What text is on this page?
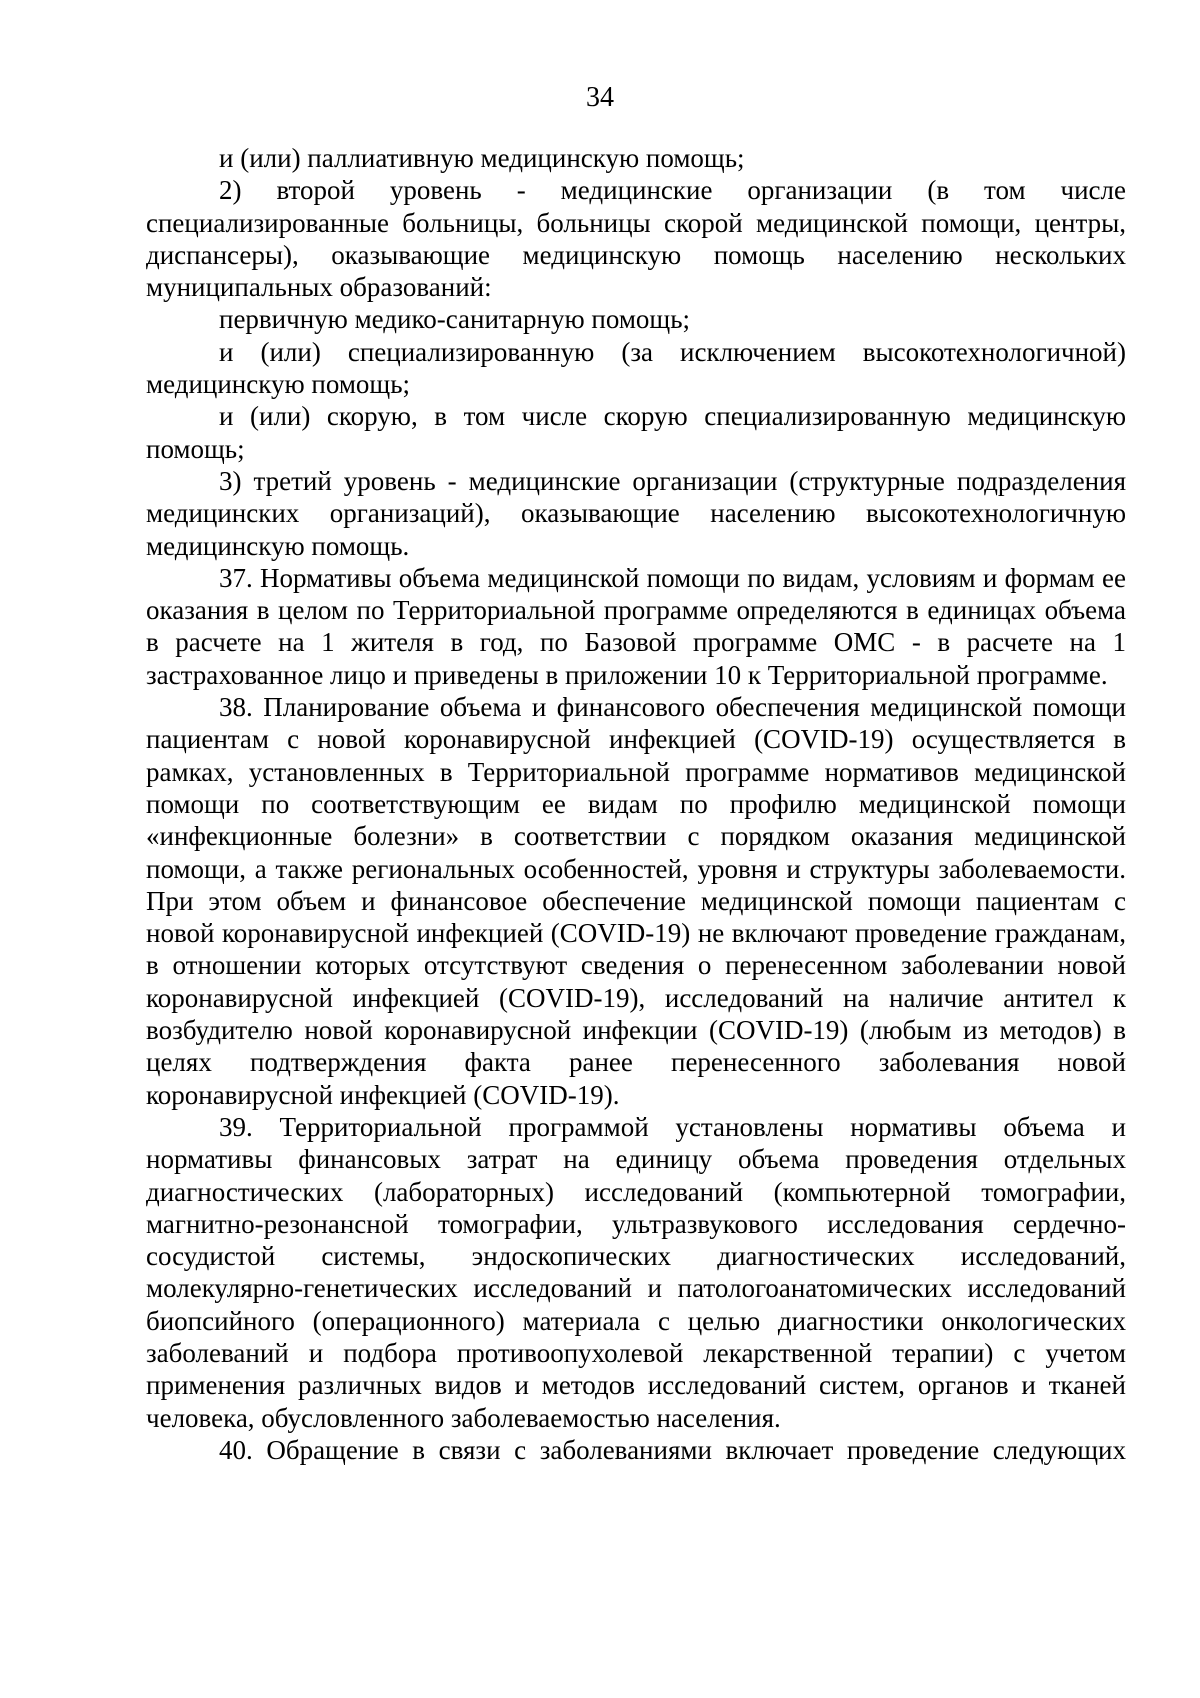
34

и (или) паллиативную медицинскую помощь;

2) второй уровень - медицинские организации (в том числе специализированные больницы, больницы скорой медицинской помощи, центры, диспансеры), оказывающие медицинскую помощь населению нескольких муниципальных образований:

первичную медико-санитарную помощь;

и (или) специализированную (за исключением высокотехнологичной) медицинскую помощь;

и (или) скорую, в том числе скорую специализированную медицинскую помощь;

3) третий уровень - медицинские организации (структурные подразделения медицинских организаций), оказывающие населению высокотехнологичную медицинскую помощь.

37. Нормативы объема медицинской помощи по видам, условиям и формам ее оказания в целом по Территориальной программе определяются в единицах объема в расчете на 1 жителя в год, по Базовой программе ОМС - в расчете на 1 застрахованное лицо и приведены в приложении 10 к Территориальной программе.

38. Планирование объема и финансового обеспечения медицинской помощи пациентам с новой коронавирусной инфекцией (COVID-19) осуществляется в рамках, установленных в Территориальной программе нормативов медицинской помощи по соответствующим ее видам по профилю медицинской помощи «инфекционные болезни» в соответствии с порядком оказания медицинской помощи, а также региональных особенностей, уровня и структуры заболеваемости. При этом объем и финансовое обеспечение медицинской помощи пациентам с новой коронавирусной инфекцией (COVID-19) не включают проведение гражданам, в отношении которых отсутствуют сведения о перенесенном заболевании новой коронавирусной инфекцией (COVID-19), исследований на наличие антител к возбудителю новой коронавирусной инфекции (COVID-19) (любым из методов) в целях подтверждения факта ранее перенесенного заболевания новой коронавирусной инфекцией (COVID-19).

39. Территориальной программой установлены нормативы объема и нормативы финансовых затрат на единицу объема проведения отдельных диагностических (лабораторных) исследований (компьютерной томографии, магнитно-резонансной томографии, ультразвукового исследования сердечно-сосудистой системы, эндоскопических диагностических исследований, молекулярно-генетических исследований и патологоанатомических исследований биопсийного (операционного) материала с целью диагностики онкологических заболеваний и подбора противоопухолевой лекарственной терапии) с учетом применения различных видов и методов исследований систем, органов и тканей человека, обусловленного заболеваемостью населения.

40. Обращение в связи с заболеваниями включает проведение следующих
